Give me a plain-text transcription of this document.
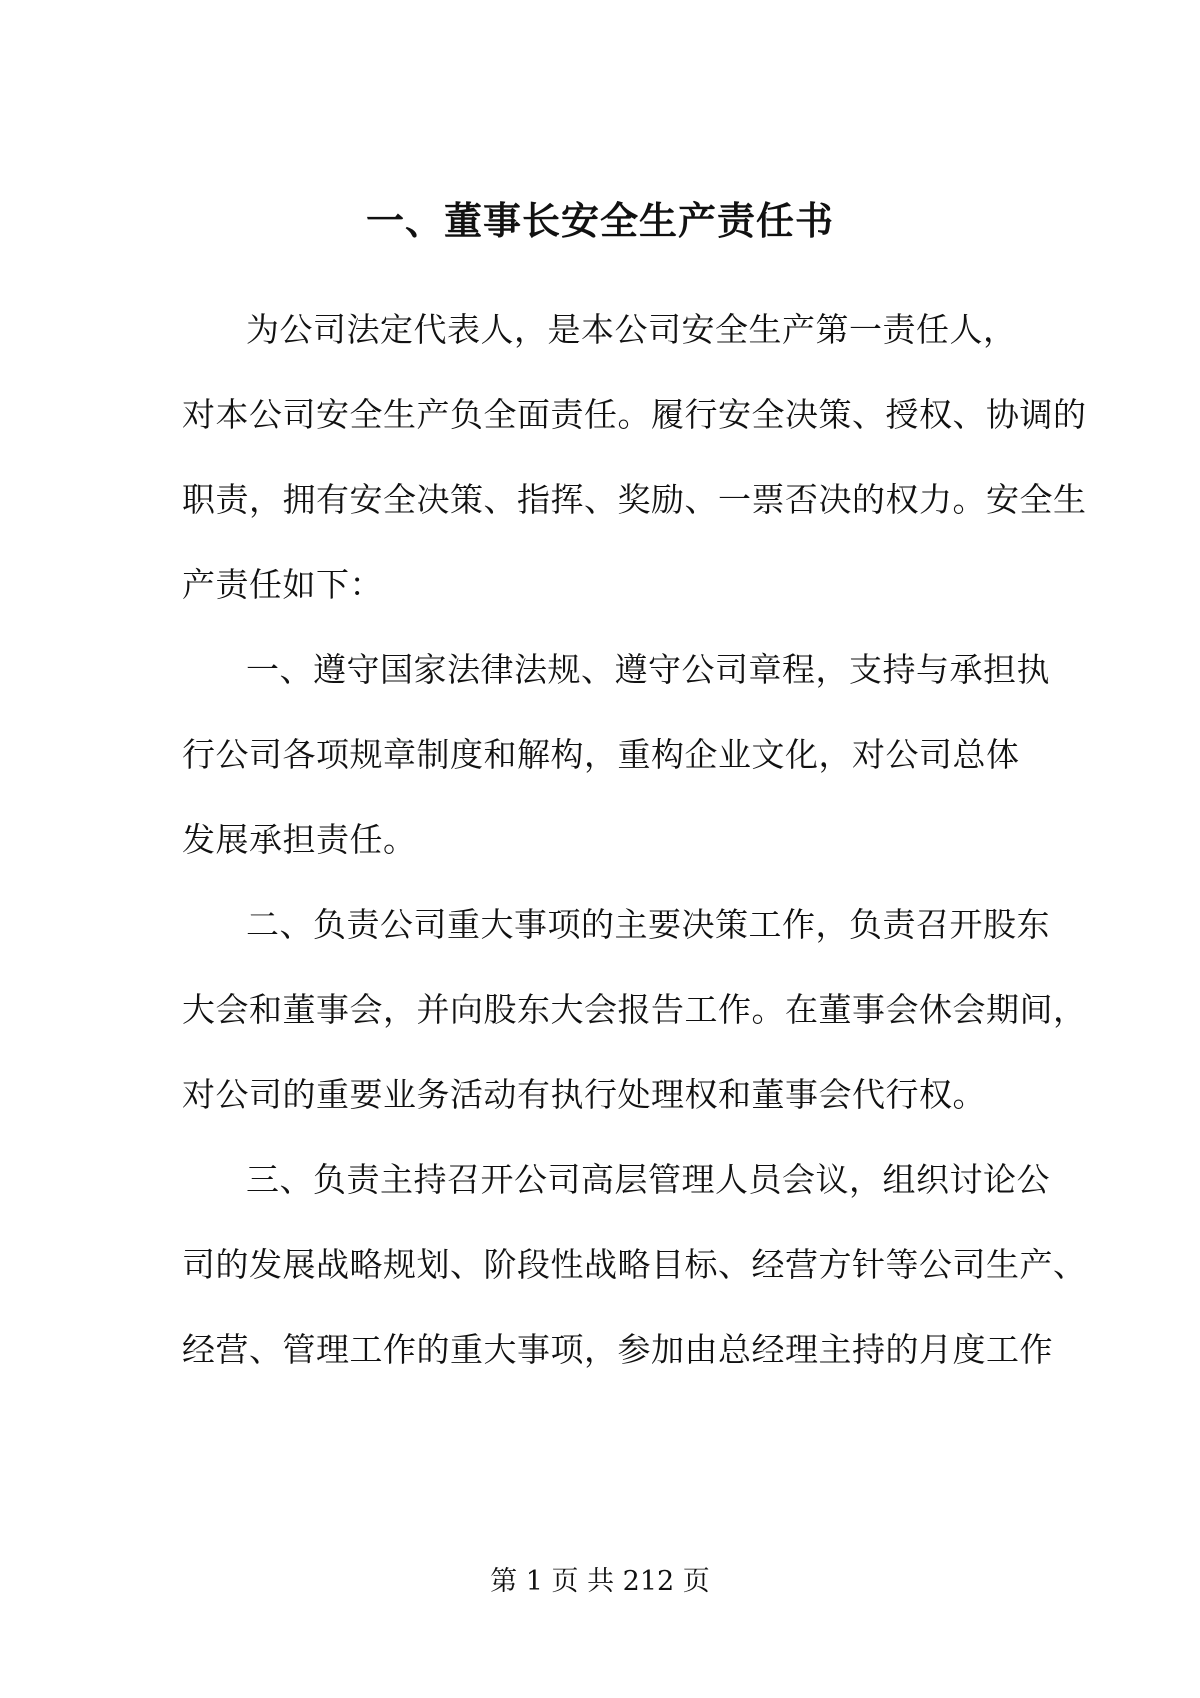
一、董事长安全生产责任书
为公司法定代表人，是本公司安全生产第一责任人，
对本公司安全生产负全面责任。履行安全决策、授权、协调的
职责，拥有安全决策、指挥、奖励、一票否决的权力。安全生
产责任如下：
一、遵守国家法律法规、遵守公司章程，支持与承担执
行公司各项规章制度和解构，重构企业文化，对公司总体
发展承担责任。
二、负责公司重大事项的主要决策工作，负责召开股东
大会和董事会，并向股东大会报告工作。在董事会休会期间，
对公司的重要业务活动有执行处理权和董事会代行权。
三、负责主持召开公司高层管理人员会议，组织讨论公
司的发展战略规划、阶段性战略目标、经营方针等公司生产、
经营、管理工作的重大事项，参加由总经理主持的月度工作
第 1 页 共 212 页
